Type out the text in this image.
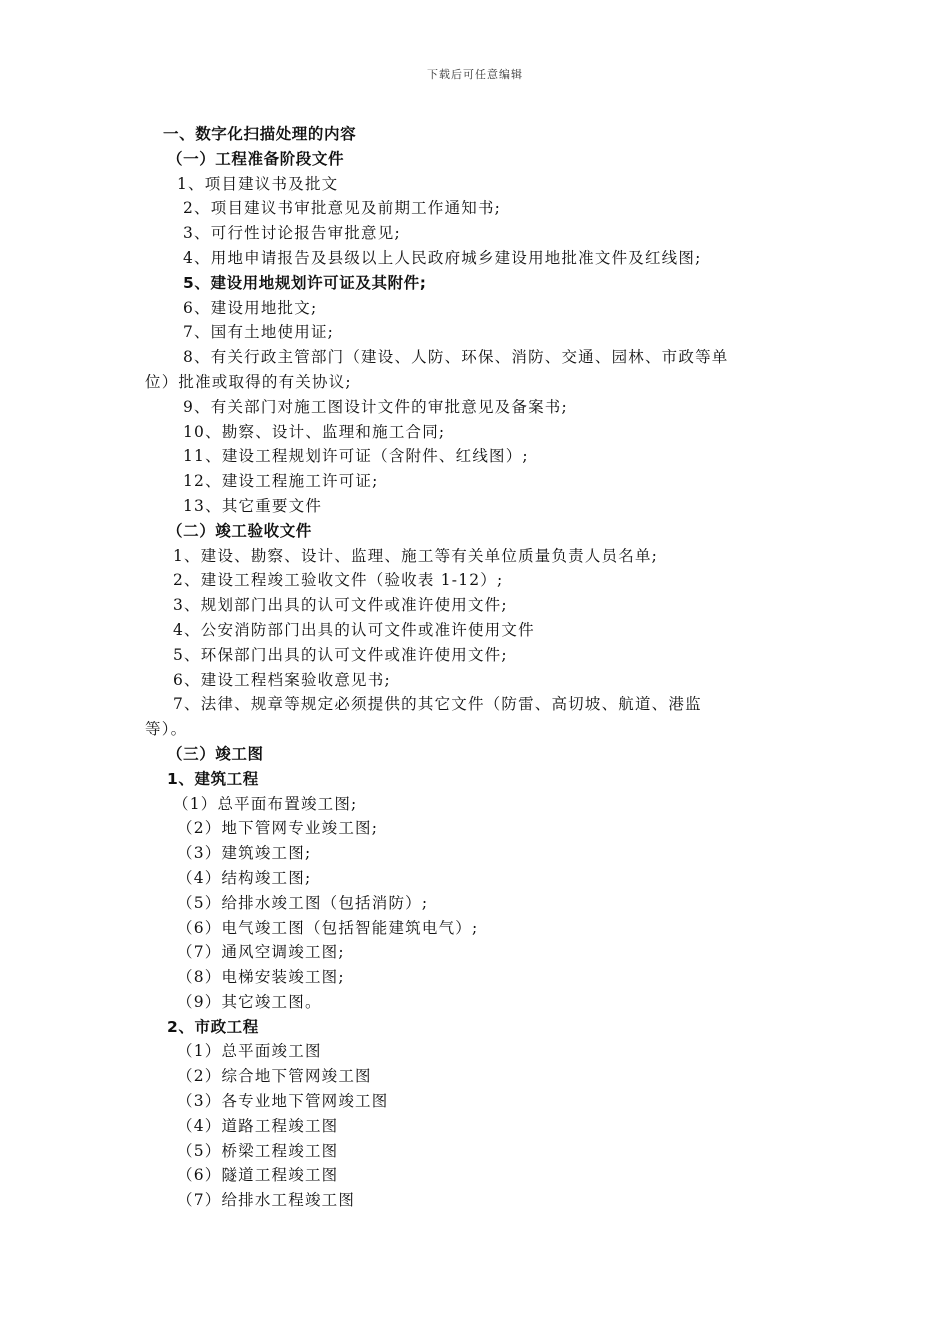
下载后可任意编辑
一、数字化扫描处理的内容
（一）工程准备阶段文件
1、项目建议书及批文
2、项目建议书审批意见及前期工作通知书;
3、可行性讨论报告审批意见;
4、用地申请报告及县级以上人民政府城乡建设用地批准文件及红线图;
5、建设用地规划许可证及其附件;
6、建设用地批文;
7、国有土地使用证;
8、有关行政主管部门（建设、人防、环保、消防、交通、园林、市政等单
位）批准或取得的有关协议;
9、有关部门对施工图设计文件的审批意见及备案书;
10、勘察、设计、监理和施工合同;
11、建设工程规划许可证（含附件、红线图）;
12、建设工程施工许可证;
13、其它重要文件
（二）竣工验收文件
1、建设、勘察、设计、监理、施工等有关单位质量负责人员名单;
2、建设工程竣工验收文件（验收表 1-12）;
3、规划部门出具的认可文件或准许使用文件;
4、公安消防部门出具的认可文件或准许使用文件
5、环保部门出具的认可文件或准许使用文件;
6、建设工程档案验收意见书;
7、法律、规章等规定必须提供的其它文件（防雷、高切坡、航道、港监
等）。
（三）竣工图
1、建筑工程
（1）总平面布置竣工图;
（2）地下管网专业竣工图;
（3）建筑竣工图;
（4）结构竣工图;
（5）给排水竣工图（包括消防）;
（6）电气竣工图（包括智能建筑电气）;
（7）通风空调竣工图;
（8）电梯安装竣工图;
（9）其它竣工图。
2、市政工程
（1）总平面竣工图
（2）综合地下管网竣工图
（3）各专业地下管网竣工图
（4）道路工程竣工图
（5）桥梁工程竣工图
（6）隧道工程竣工图
（7）给排水工程竣工图
